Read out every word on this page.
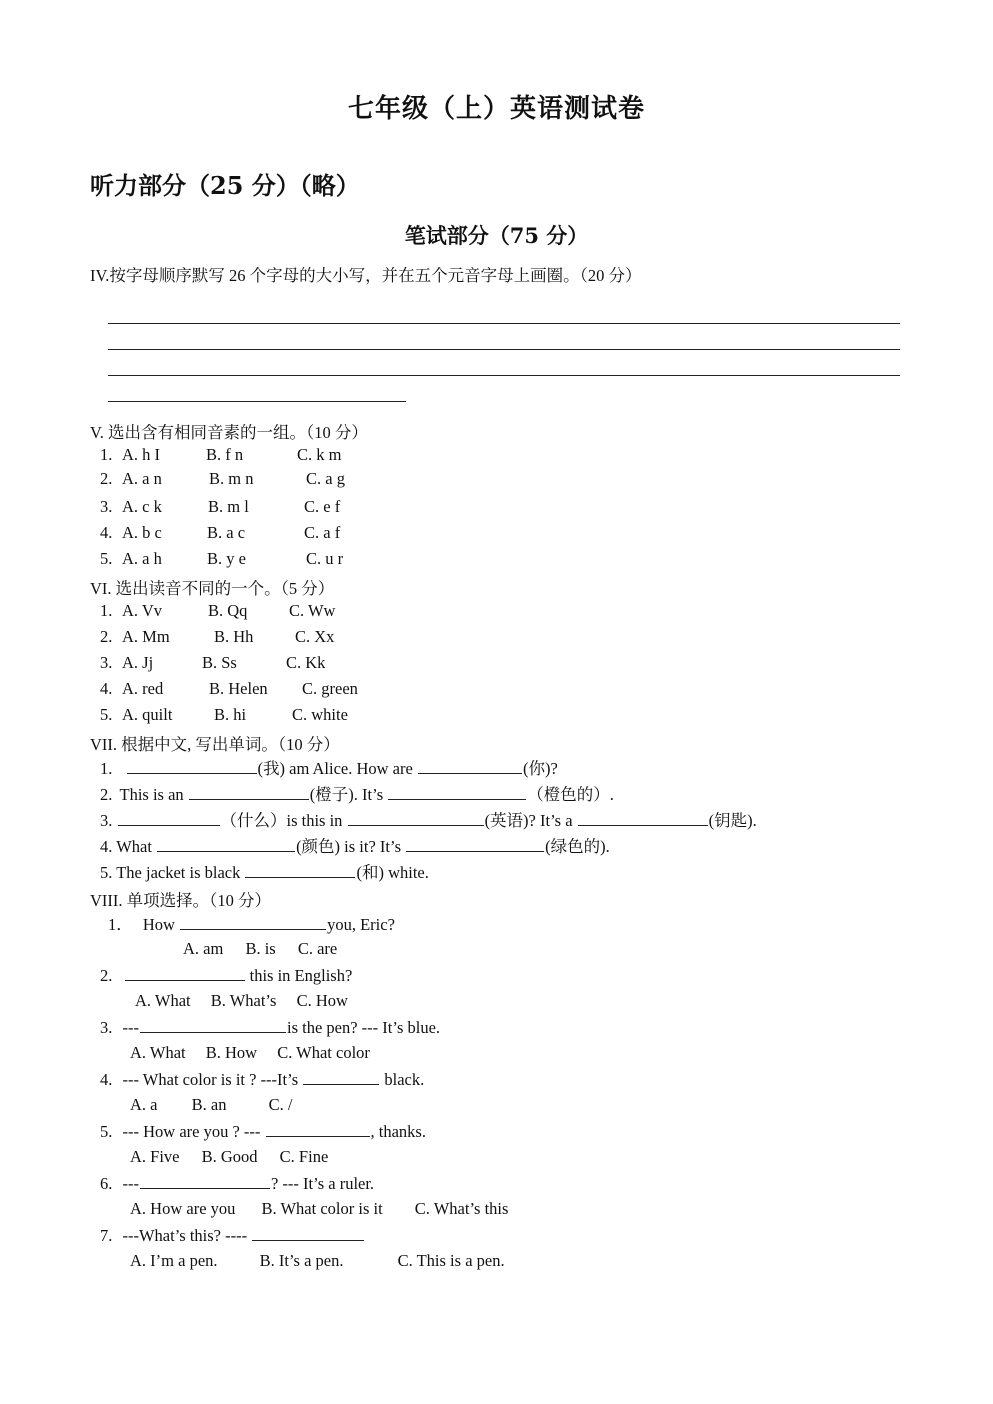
七年级（上）英语测试卷
听力部分（25 分）（略）
笔试部分（75 分）
IV.按字母顺序默写 26 个字母的大小写，并在五个元音字母上画圈。（20 分）
V. 选出含有相同音素的一组。（10 分）
1. A. h I	B. f n	C. k m
2. A. a n	B. m n	C. a g
3. A. c k	B. m l	C. e f
4. A. b c	B. a c	C. a f
5. A. a h	B. y e	C. u r
VI. 选出读音不同的一个。（5 分）
1. A. Vv	B. Qq	C. Ww
2. A. Mm	B. Hh	C. Xx
3. A. Jj	B. Ss	C. Kk
4. A. red	B. Helen C. green
5. A. quilt	B. hi	C. white
VII. 根据中文, 写出单词。（10 分）
1.	(我) am Alice. How are	(你)?
2. This is an	(橙子). It’s	（橙色的）.
3.	（什么）is this in	(英语)? It’s a	(钥匙).
4. What	(颜色) is it? It’s	(绿色的).
5. The jacket is black	(和) white.
VIII. 单项选择。（10 分）
1． How	you, Eric?
A. am B. is C. are
2.	this in English?
A. What B. What’s C. How
3. ---	is the pen? --- It’s blue.
A. What B. How C. What color
4. --- What color is it ? ---It’s	black.
A. a B. an	C. /
5. --- How are you ? ---	, thanks.
A. Five B. Good C. Fine
6. ---	? --- It’s a ruler.
A. How are you B. What color is it C. What’s this
7. ---What’s this? ----
A. I’m a pen.	B. It’s a pen.	C. This is a pen.
